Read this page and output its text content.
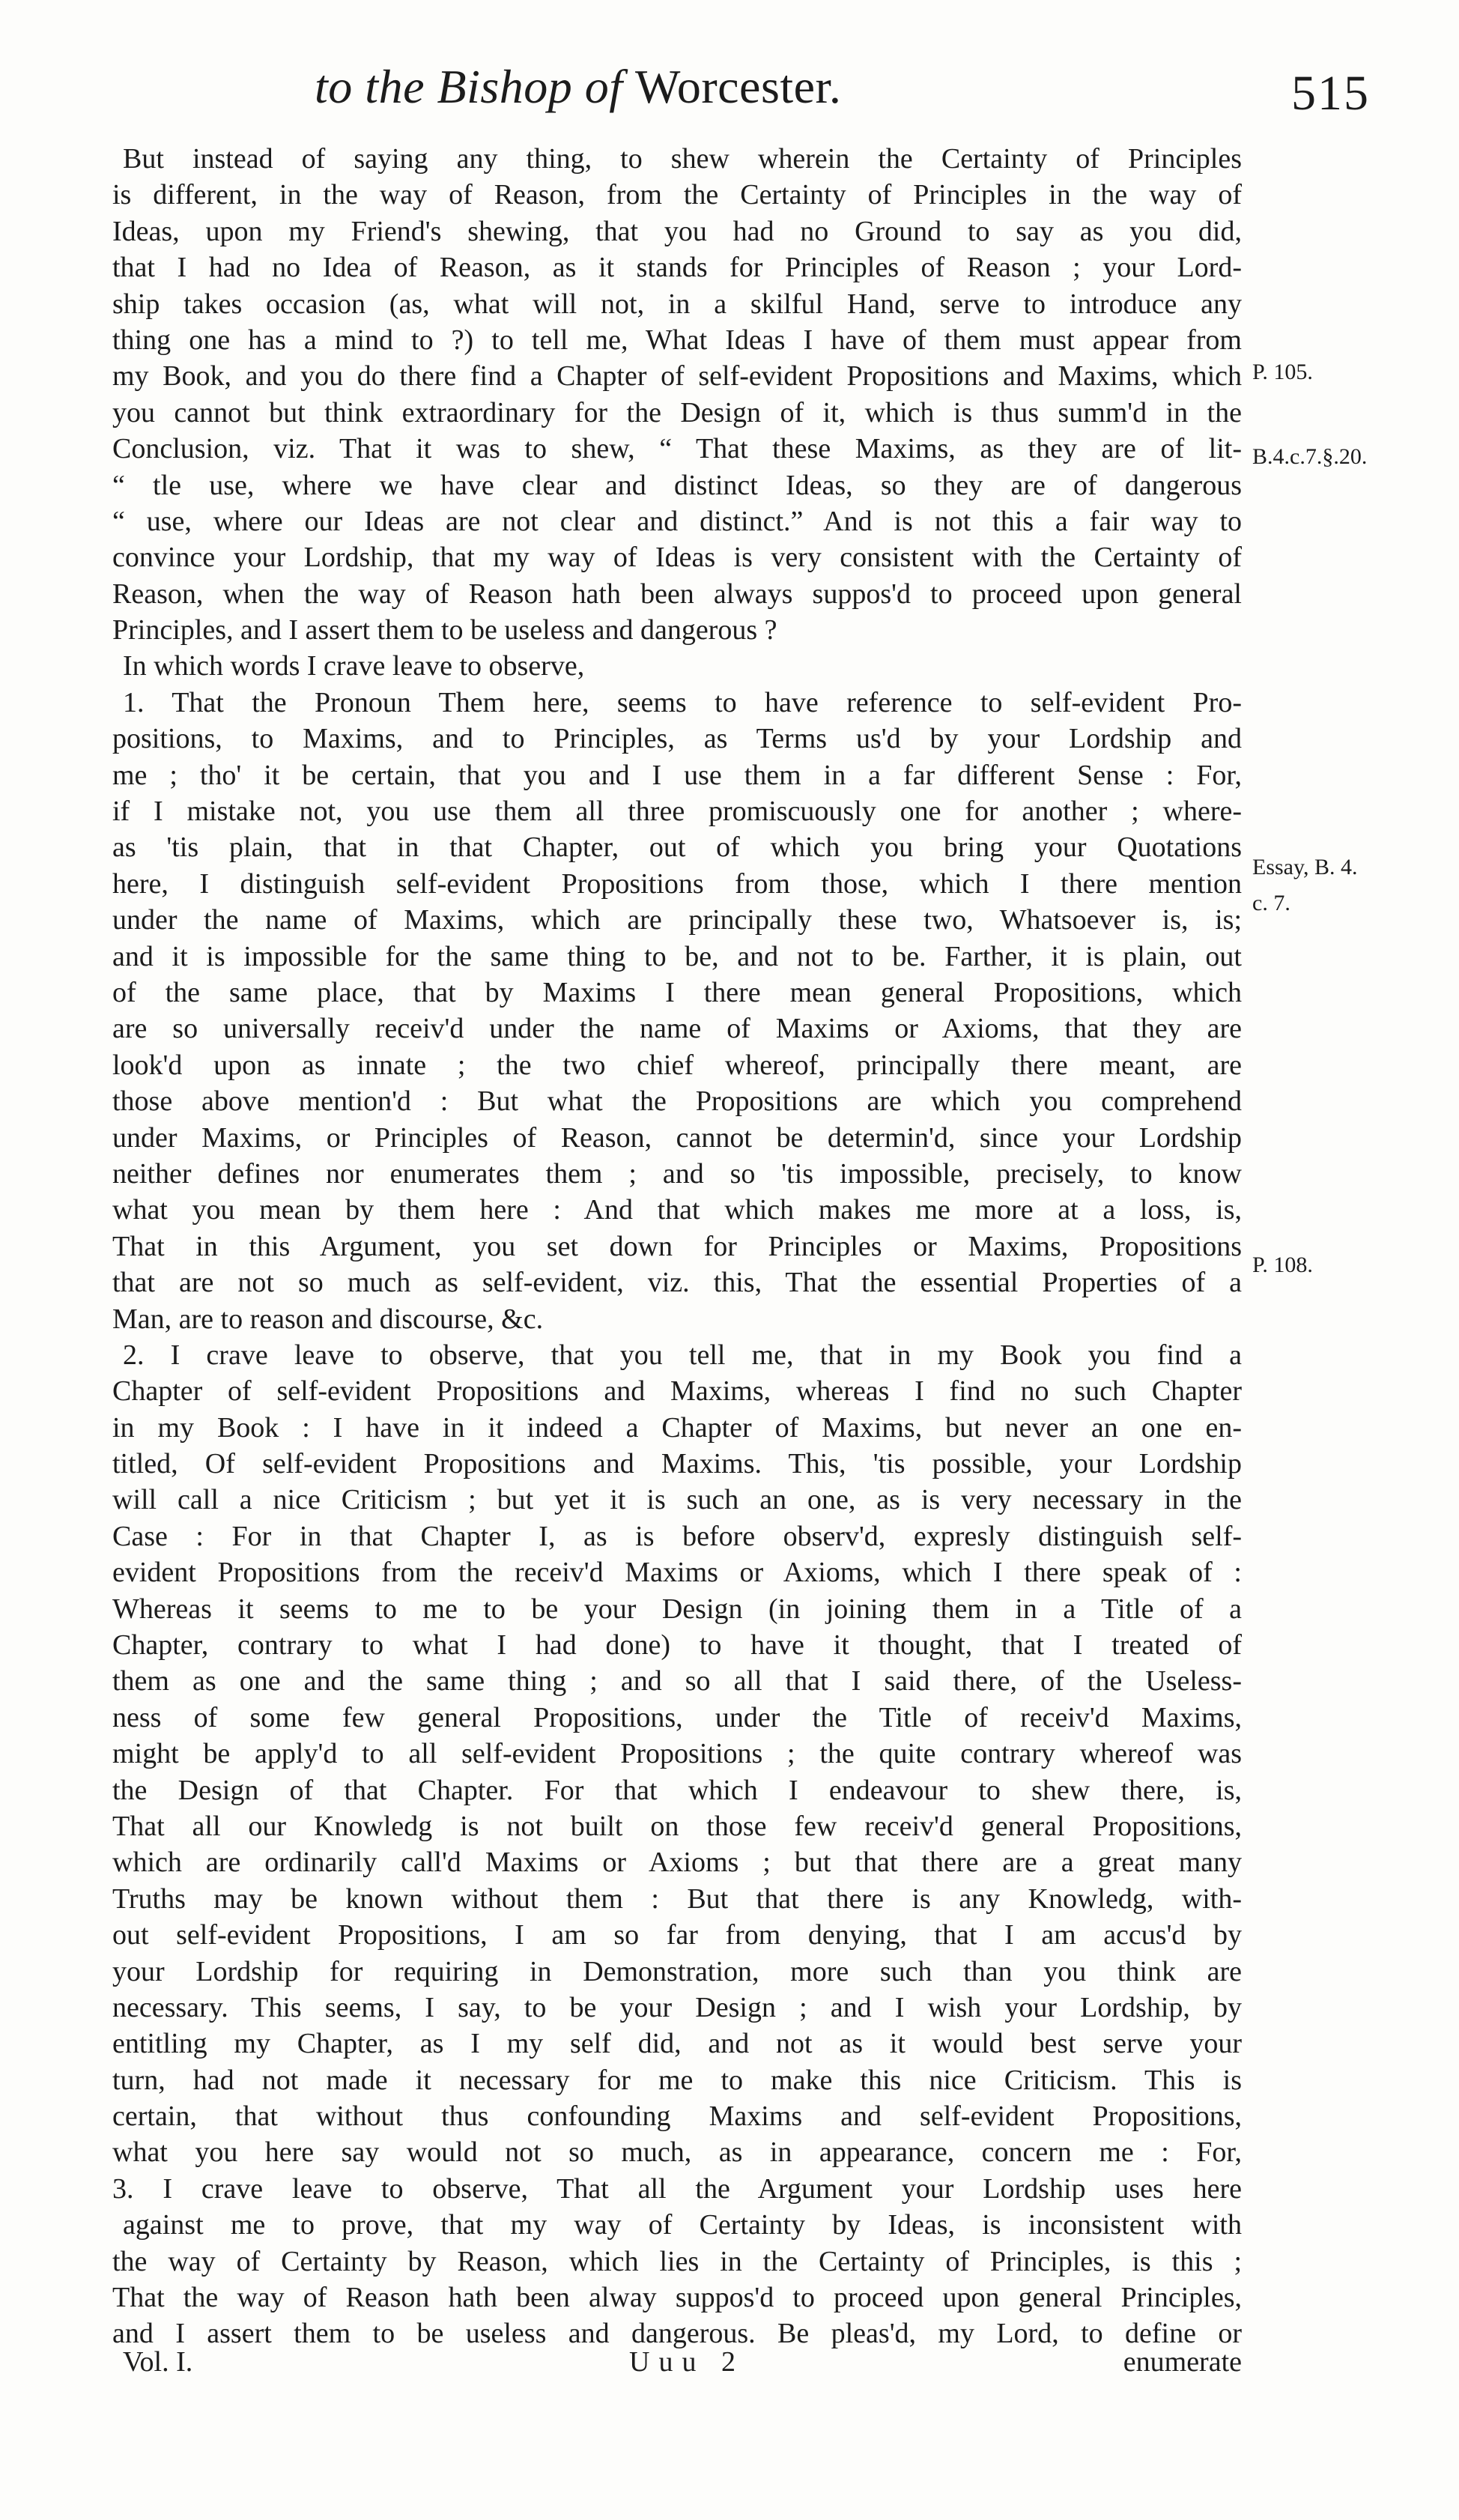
to the Bishop of Worcester.	515
But instead of saying any thing, to shew wherein the Certainty of Principles
is different, in the way of Reason, from the Certainty of Principles in the way of
Ideas, upon my Friend's shewing, that you had no Ground to say as you did,
that I had no Idea of Reason, as it stands for Principles of Reason ; your Lord-
ship takes occasion (as, what will not, in a skilful Hand, serve to introduce any
thing one has a mind to ?) to tell me, What Ideas I have of them must appear from
my Book, and you do there find a Chapter of self-evident Propositions and Maxims, which
you cannot but think extraordinary for the Design of it, which is thus summ'd in the
Conclusion, viz. That it was to shew, “ That these Maxims, as they are of lit-
“ tle use, where we have clear and distinct Ideas, so they are of dangerous
“ use, where our Ideas are not clear and distinct.” And is not this a fair way to
convince your Lordship, that my way of Ideas is very consistent with the Certainty of
Reason, when the way of Reason hath been always suppos'd to proceed upon general
Principles, and I assert them to be useless and dangerous ?
In which words I crave leave to observe,
1. That the Pronoun Them here, seems to have reference to self-evident Pro-
positions, to Maxims, and to Principles, as Terms us'd by your Lordship and
me ; tho' it be certain, that you and I use them in a far different Sense : For,
if I mistake not, you use them all three promiscuously one for another ; where-
as 'tis plain, that in that Chapter, out of which you bring your Quotations
here, I distinguish self-evident Propositions from those, which I there mention
under the name of Maxims, which are principally these two, Whatsoever is, is;
and it is impossible for the same thing to be, and not to be. Farther, it is plain, out
of the same place, that by Maxims I there mean general Propositions, which
are so universally receiv'd under the name of Maxims or Axioms, that they are
look'd upon as innate ; the two chief whereof, principally there meant, are
those above mention'd : But what the Propositions are which you comprehend
under Maxims, or Principles of Reason, cannot be determin'd, since your Lordship
neither defines nor enumerates them ; and so 'tis impossible, precisely, to know
what you mean by them here : And that which makes me more at a loss, is,
That in this Argument, you set down for Principles or Maxims, Propositions
that are not so much as self-evident, viz. this, That the essential Properties of a
Man, are to reason and discourse, &c.
2. I crave leave to observe, that you tell me, that in my Book you find a
Chapter of self-evident Propositions and Maxims, whereas I find no such Chapter
in my Book : I have in it indeed a Chapter of Maxims, but never an one en-
titled, Of self-evident Propositions and Maxims. This, 'tis possible, your Lordship
will call a nice Criticism ; but yet it is such an one, as is very necessary in the
Case : For in that Chapter I, as is before observ'd, expresly distinguish self-
evident Propositions from the receiv'd Maxims or Axioms, which I there speak of :
Whereas it seems to me to be your Design (in joining them in a Title of a
Chapter, contrary to what I had done) to have it thought, that I treated of
them as one and the same thing ; and so all that I said there, of the Useless-
ness of some few general Propositions, under the Title of receiv'd Maxims,
might be apply'd to all self-evident Propositions ; the quite contrary whereof was
the Design of that Chapter. For that which I endeavour to shew there, is,
That all our Knowledg is not built on those few receiv'd general Propositions,
which are ordinarily call'd Maxims or Axioms ; but that there are a great many
Truths may be known without them : But that there is any Knowledg, with-
out self-evident Propositions, I am so far from denying, that I am accus'd by
your Lordship for requiring in Demonstration, more such than you think are
necessary. This seems, I say, to be your Design ; and I wish your Lordship, by
entitling my Chapter, as I my self did, and not as it would best serve your
turn, had not made it necessary for me to make this nice Criticism. This is
certain, that without thus confounding Maxims and self-evident Propositions,
what you here say would not so much, as in appearance, concern me : For,
3. I crave leave to observe, That all the Argument your Lordship uses here
against me to prove, that my way of Certainty by Ideas, is inconsistent with
the way of Certainty by Reason, which lies in the Certainty of Principles, is this ;
That the way of Reason hath been alway suppos'd to proceed upon general Principles,
and I assert them to be useless and dangerous. Be pleas'd, my Lord, to define or
P. 105.
B.4.c.7.§.20.
Essay, B. 4.
c. 7.
P. 108.
Vol. I.	Uuu 2	enumerate
